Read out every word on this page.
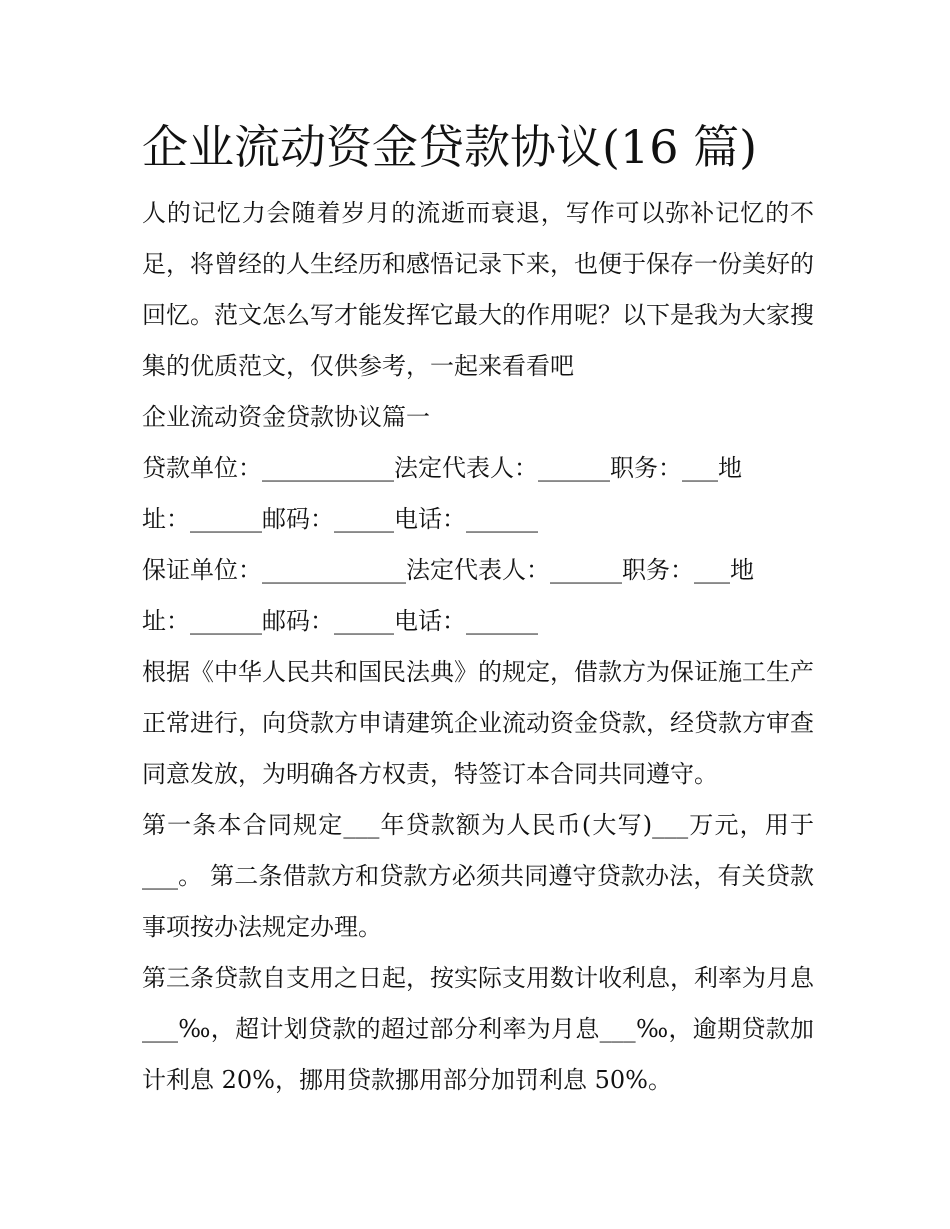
企业流动资金贷款协议(16 篇)

人的记忆力会随着岁月的流逝而衰退，写作可以弥补记忆的不足，将曾经的人生经历和感悟记录下来，也便于保存一份美好的回忆。范文怎么写才能发挥它最大的作用呢？以下是我为大家搜集的优质范文，仅供参考，一起来看看吧

企业流动资金贷款协议篇一

贷款单位：___________法定代表人：______职务：___地

址：______邮码：_____电话：______

保证单位：____________法定代表人：______职务：___地

址：______邮码：_____电话：______

根据《中华人民共和国民法典》的规定，借款方为保证施工生产正常进行，向贷款方申请建筑企业流动资金贷款，经贷款方审查同意发放，为明确各方权责，特签订本合同共同遵守。

第一条本合同规定___年贷款额为人民币(大写)___万元，用于___。 第二条借款方和贷款方必须共同遵守贷款办法，有关贷款事项按办法规定办理。

第三条贷款自支用之日起，按实际支用数计收利息，利率为月息___‰，超计划贷款的超过部分利率为月息___‰，逾期贷款加计利息 20%，挪用贷款挪用部分加罚利息 50%。
